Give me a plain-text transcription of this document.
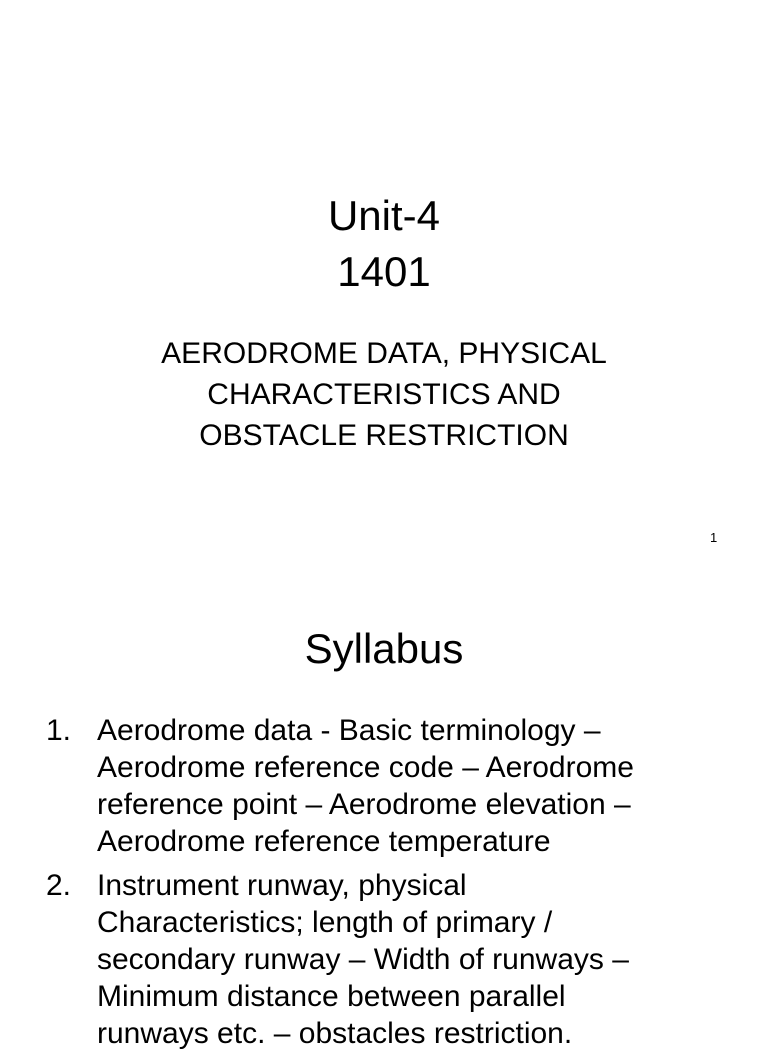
Unit-4
1401
AERODROME DATA, PHYSICAL
CHARACTERISTICS AND
OBSTACLE RESTRICTION
1
Syllabus
1. Aerodrome data - Basic terminology –
Aerodrome reference code – Aerodrome
reference point – Aerodrome elevation –
Aerodrome reference temperature
2. Instrument runway, physical
Characteristics; length of primary /
secondary runway – Width of runways –
Minimum distance between parallel
runways etc. – obstacles restriction.
